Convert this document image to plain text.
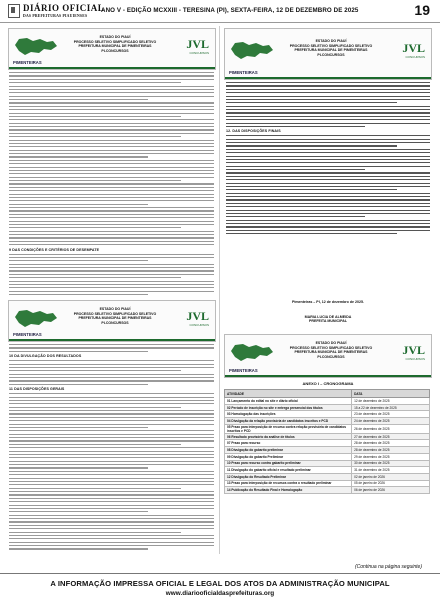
DIÁRIO OFICIAL
DAS PREFEITURAS PIAUIENSES
ANO V - EDIÇÃO MCXXIII - TERESINA (PI), SEXTA-FEIRA, 12 DE DEZEMBRO DE 2025	19
PIMENTEIRAS
ESTADO DO PIAUÍ
PROCESSO SELETIVO SIMPLIFICADO SELETIVO
PREFEITURA MUNICIPAL DE PIMENTEIRAS
PI-CONCURSOS	JVL
CONCURSOS
9 DAS CONDIÇÕES E CRITÉRIOS DE DESEMPATE
PIMENTEIRAS
ESTADO DO PIAUÍ
PROCESSO SELETIVO SIMPLIFICADO SELETIVO
PREFEITURA MUNICIPAL DE PIMENTEIRAS
PI-CONCURSOS	JVL
CONCURSOS
10 DA DIVULGAÇÃO DOS RESULTADOS
11 DAS DISPOSIÇÕES GERAIS
PIMENTEIRAS
ESTADO DO PIAUÍ
PROCESSO SELETIVO SIMPLIFICADO SELETIVO
PREFEITURA MUNICIPAL DE PIMENTEIRAS
PI-CONCURSOS	JVL
CONCURSOS
12. DAS DISPOSIÇÕES FINAIS
Pimenteiras – PI, 12 de dezembro de 2025.
MARIA LUCIA DE ALMEIDA
PREFEITA MUNICIPAL
PIMENTEIRAS
ESTADO DO PIAUÍ
PROCESSO SELETIVO SIMPLIFICADO SELETIVO
PREFEITURA MUNICIPAL DE PIMENTEIRAS
PI-CONCURSOS	JVL
CONCURSOS
ANEXO I – CRONOGRAMA
ATIVIDADE	DATA
01 Lançamento do edital no site e diário oficial	12 de dezembro de 2025
02 Período de inscrição no site e entrega presencial dos títulos	15 a 22 de dezembro de 2025
03 Homologação das inscrições	23 de dezembro de 2025
04 Divulgação da relação provisória de candidatos inscritos e PCD	24 de dezembro de 2025
05 Prazo para interposição de recurso contra relação provisória de candidatos inscritos e PCD	26 de dezembro de 2025
06 Resultado provisório da análise de títulos	27 de dezembro de 2025
07 Prazo para recurso	28 de dezembro de 2025
08 Divulgação do gabarito preliminar	28 de dezembro de 2025
09 Divulgação do gabarito Preliminar	29 de dezembro de 2025
10 Prazo para recurso contra gabarito preliminar	30 de dezembro de 2025
11 Divulgação do gabarito oficial e resultado preliminar	31 de dezembro de 2025
12 Divulgação do Resultado Preliminar	02 de janeiro de 2026
13 Prazo para interposição de recursos contra o resultado preliminar	05 de janeiro de 2026
14 Publicação do Resultado Final e Homologação	06 de janeiro de 2026
(Continua na página seguinte)
A INFORMAÇÃO IMPRESSA OFICIAL E LEGAL DOS ATOS DA ADMINISTRAÇÃO MUNICIPAL
www.diariooficialdasprefeituras.org
